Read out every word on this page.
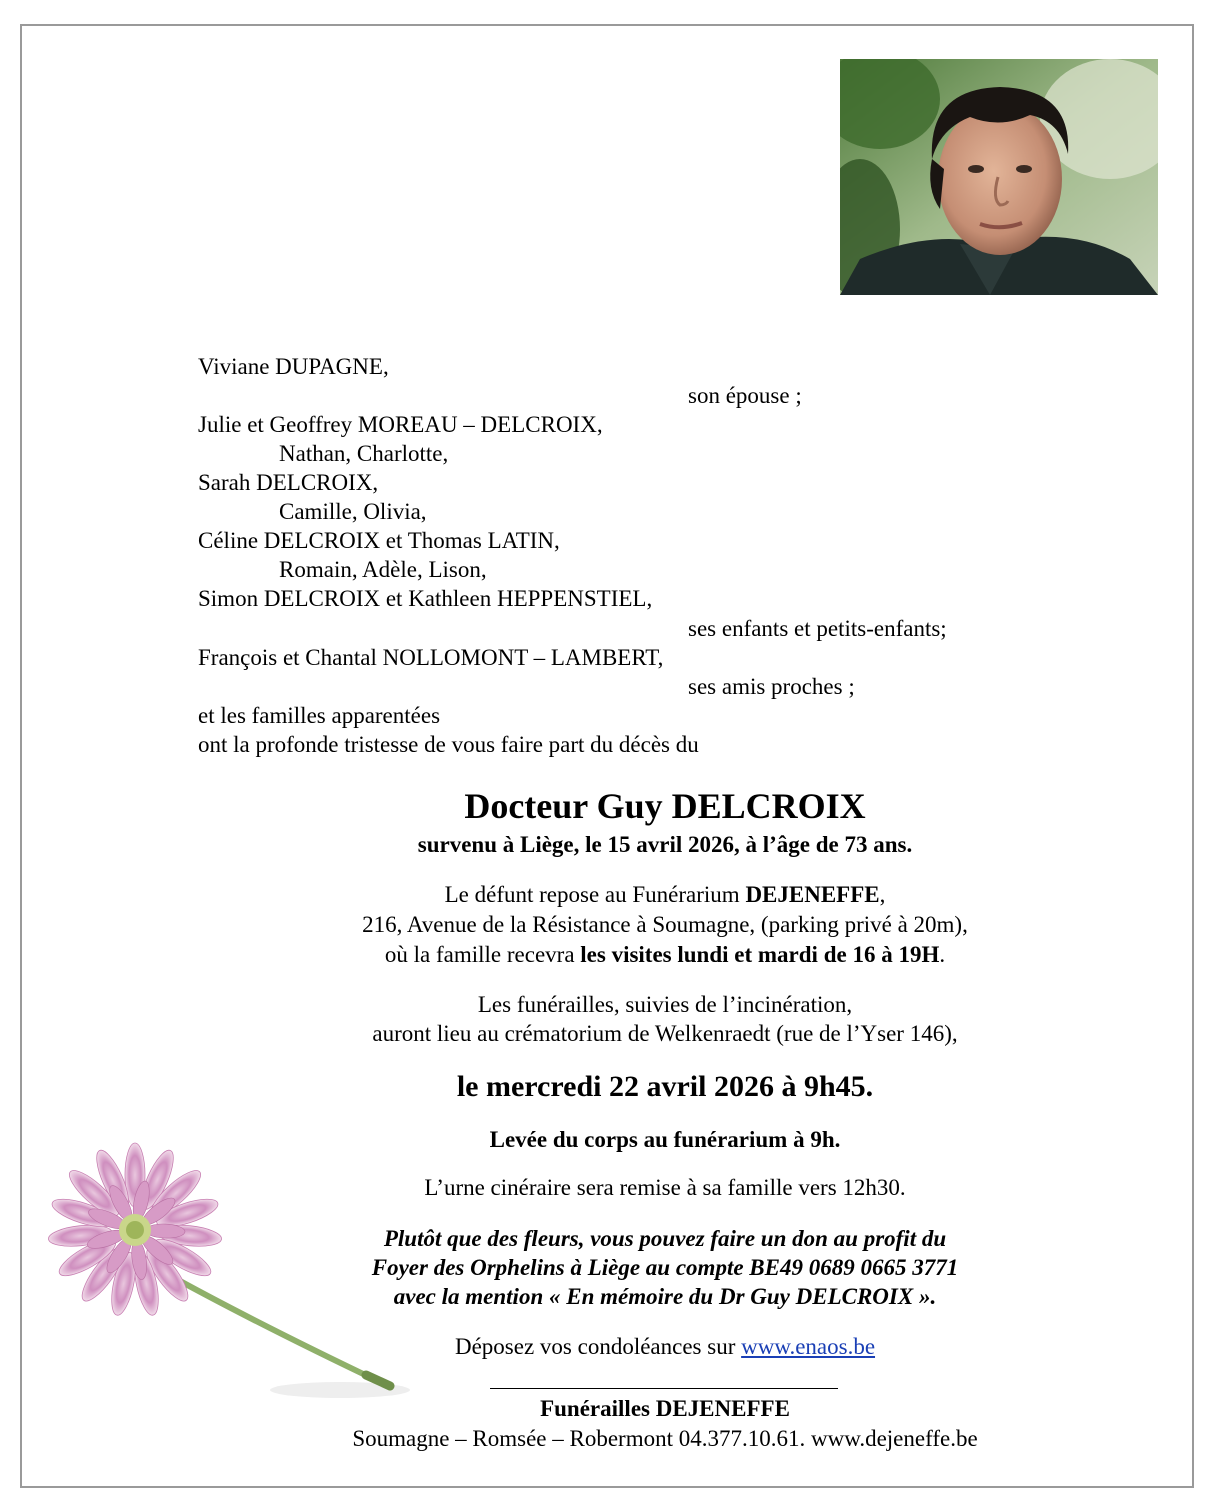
Viviane DUPAGNE,
son épouse ;
Julie et Geoffrey MOREAU – DELCROIX,
Nathan, Charlotte,
Sarah DELCROIX,
Camille, Olivia,
Céline DELCROIX et Thomas LATIN,
Romain, Adèle, Lison,
Simon DELCROIX et Kathleen HEPPENSTIEL,
ses enfants et petits-enfants;
François et Chantal NOLLOMONT – LAMBERT,
ses amis proches ;
et les familles apparentées
ont la profonde tristesse de vous faire part du décès du
Docteur Guy DELCROIX
survenu à Liège, le 15 avril 2026, à l’âge de 73 ans.
Le défunt repose au Funérarium DEJENEFFE,
216, Avenue de la Résistance à Soumagne, (parking privé à 20m),
où la famille recevra les visites lundi et mardi de 16 à 19H.
Les funérailles, suivies de l’incinération,
auront lieu au crématorium de Welkenraedt (rue de l’Yser 146),
le mercredi 22 avril 2026 à 9h45.
Levée du corps au funérarium à 9h.
L’urne cinéraire sera remise à sa famille vers 12h30.
Plutôt que des fleurs, vous pouvez faire un don au profit du
Foyer des Orphelins à Liège au compte BE49 0689 0665 3771
avec la mention « En mémoire du Dr Guy DELCROIX ».
Déposez vos condoléances sur www.enaos.be
Funérailles DEJENEFFE
Soumagne – Romsée – Robermont 04.377.10.61. www.dejeneffe.be
